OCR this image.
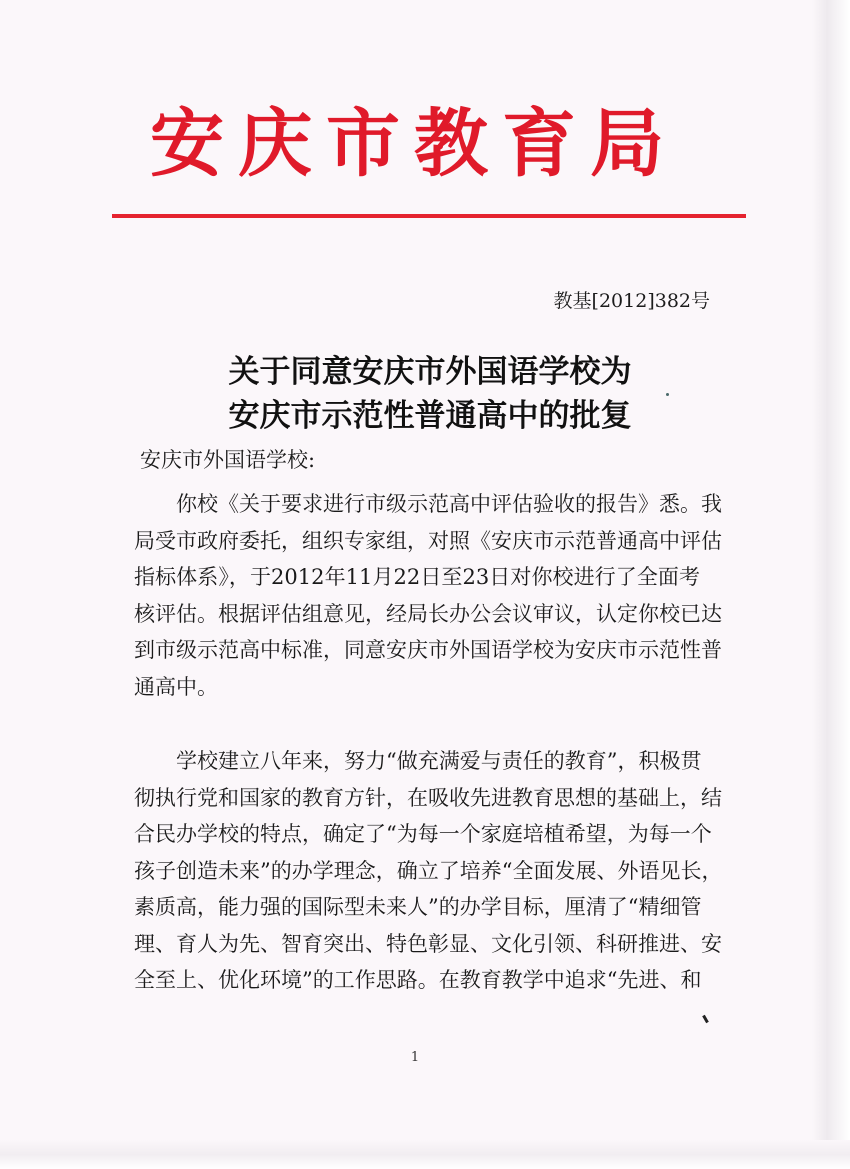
安庆市教育局
教基[2012]382号
关于同意安庆市外国语学校为
安庆市示范性普通高中的批复
安庆市外国语学校:
你校《关于要求进行市级示范高中评估验收的报告》悉。我
局受市政府委托，组织专家组，对照《安庆市示范普通高中评估
指标体系》，于2012年11月22日至23日对你校进行了全面考
核评估。根据评估组意见，经局长办公会议审议，认定你校已达
到市级示范高中标准，同意安庆市外国语学校为安庆市示范性普
通高中。
学校建立八年来，努力“做充满爱与责任的教育”，积极贯
彻执行党和国家的教育方针，在吸收先进教育思想的基础上，结
合民办学校的特点，确定了“为每一个家庭培植希望，为每一个
孩子创造未来”的办学理念，确立了培养“全面发展、外语见长，
素质高，能力强的国际型未来人”的办学目标，厘清了“精细管
理、育人为先、智育突出、特色彰显、文化引领、科研推进、安
全至上、优化环境”的工作思路。在教育教学中追求“先进、和
1
